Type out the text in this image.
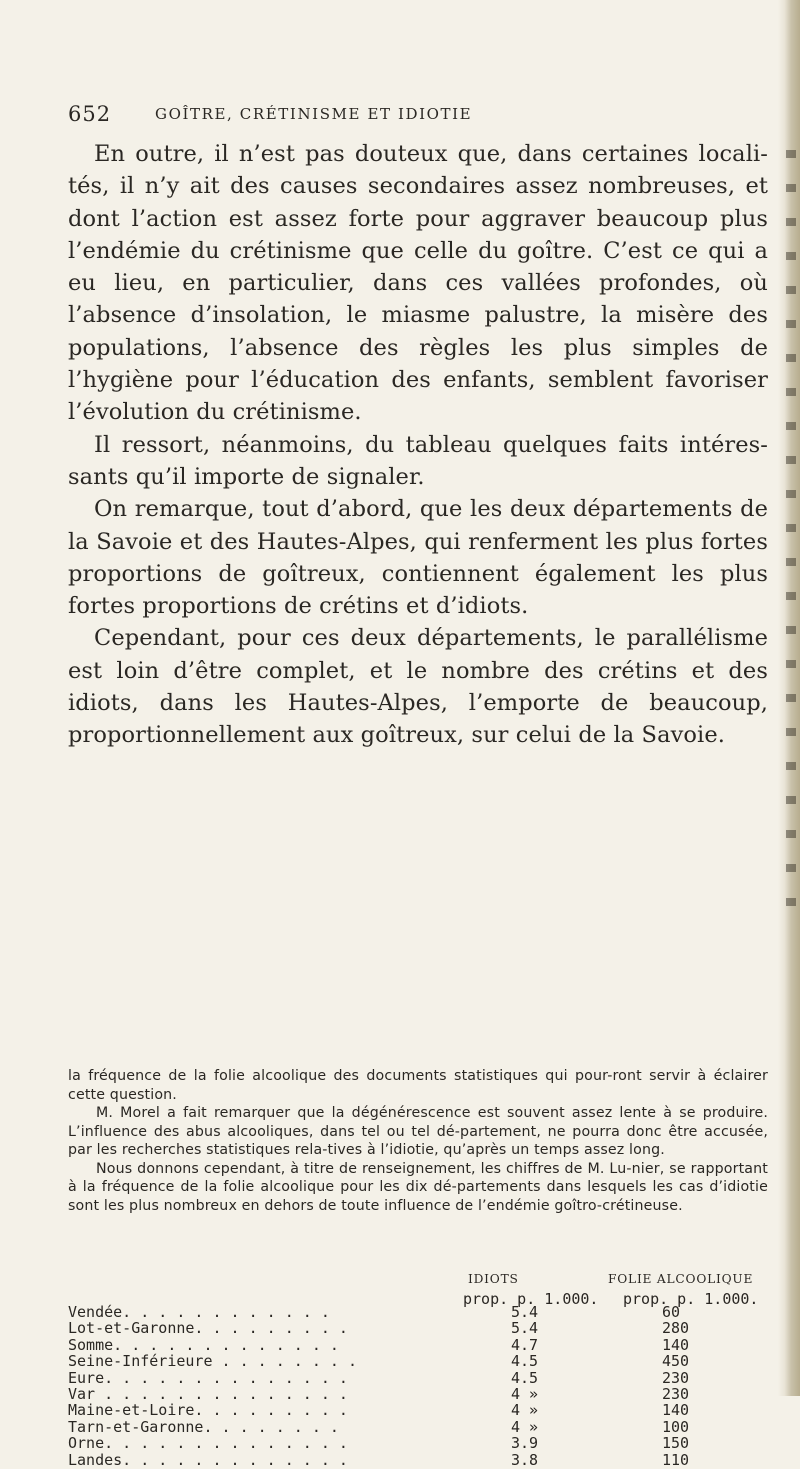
652	GOÎTRE, CRÉTINISME ET IDIOTIE

En outre, il n’est pas douteux que, dans certaines locali-tés, il n’y ait des causes secondaires assez nombreuses, et dont l’action est assez forte pour aggraver beaucoup plus l’endémie du crétinisme que celle du goître. C’est ce qui a eu lieu, en particulier, dans ces vallées profondes, où l’absence d’insolation, le miasme palustre, la misère des populations, l’absence des règles les plus simples de l’hygiène pour l’éducation des enfants, semblent favoriser l’évolution du crétinisme.

Il ressort, néanmoins, du tableau quelques faits intéres-sants qu’il importe de signaler.

On remarque, tout d’abord, que les deux départements de la Savoie et des Hautes-Alpes, qui renferment les plus fortes proportions de goîtreux, contiennent également les plus fortes proportions de crétins et d’idiots.

Cependant, pour ces deux départements, le parallélisme est loin d’être complet, et le nombre des crétins et des idiots, dans les Hautes-Alpes, l’emporte de beaucoup, proportionnellement aux goîtreux, sur celui de la Savoie.

la fréquence de la folie alcoolique des documents statistiques qui pour-ront servir à éclairer cette question.

M. Morel a fait remarquer que la dégénérescence est souvent assez lente à se produire. L’influence des abus alcooliques, dans tel ou tel dé-partement, ne pourra donc être accusée, par les recherches statistiques rela-tives à l’idiotie, qu’après un temps assez long.

Nous donnons cependant, à titre de renseignement, les chiffres de M. Lu-nier, se rapportant à la fréquence de la folie alcoolique pour les dix dé-partements dans lesquels les cas d’idiotie sont les plus nombreux en dehors de toute influence de l’endémie goîtro-crétineuse.

IDIOTS	FOLIE ALCOOLIQUE
prop. p. 1.000. prop. p. 1.000.
Vendée. . . . . . . . . . . .	5.4	60
Lot-et-Garonne. . . . . . . . .	5.4	280
Somme. . . . . . . . . . . . .	4.7	140
Seine-Inférieure . . . . . . . .	4.5	450
Eure. . . . . . . . . . . . . .	4.5	230
Var . . . . . . . . . . . . . .	4 »	230
Maine-et-Loire. . . . . . . . .	4 »	140
Tarn-et-Garonne. . . . . . . .	4 »	100
Orne. . . . . . . . . . . . . .	3.9	150
Landes. . . . . . . . . . . . .	3.8	110
